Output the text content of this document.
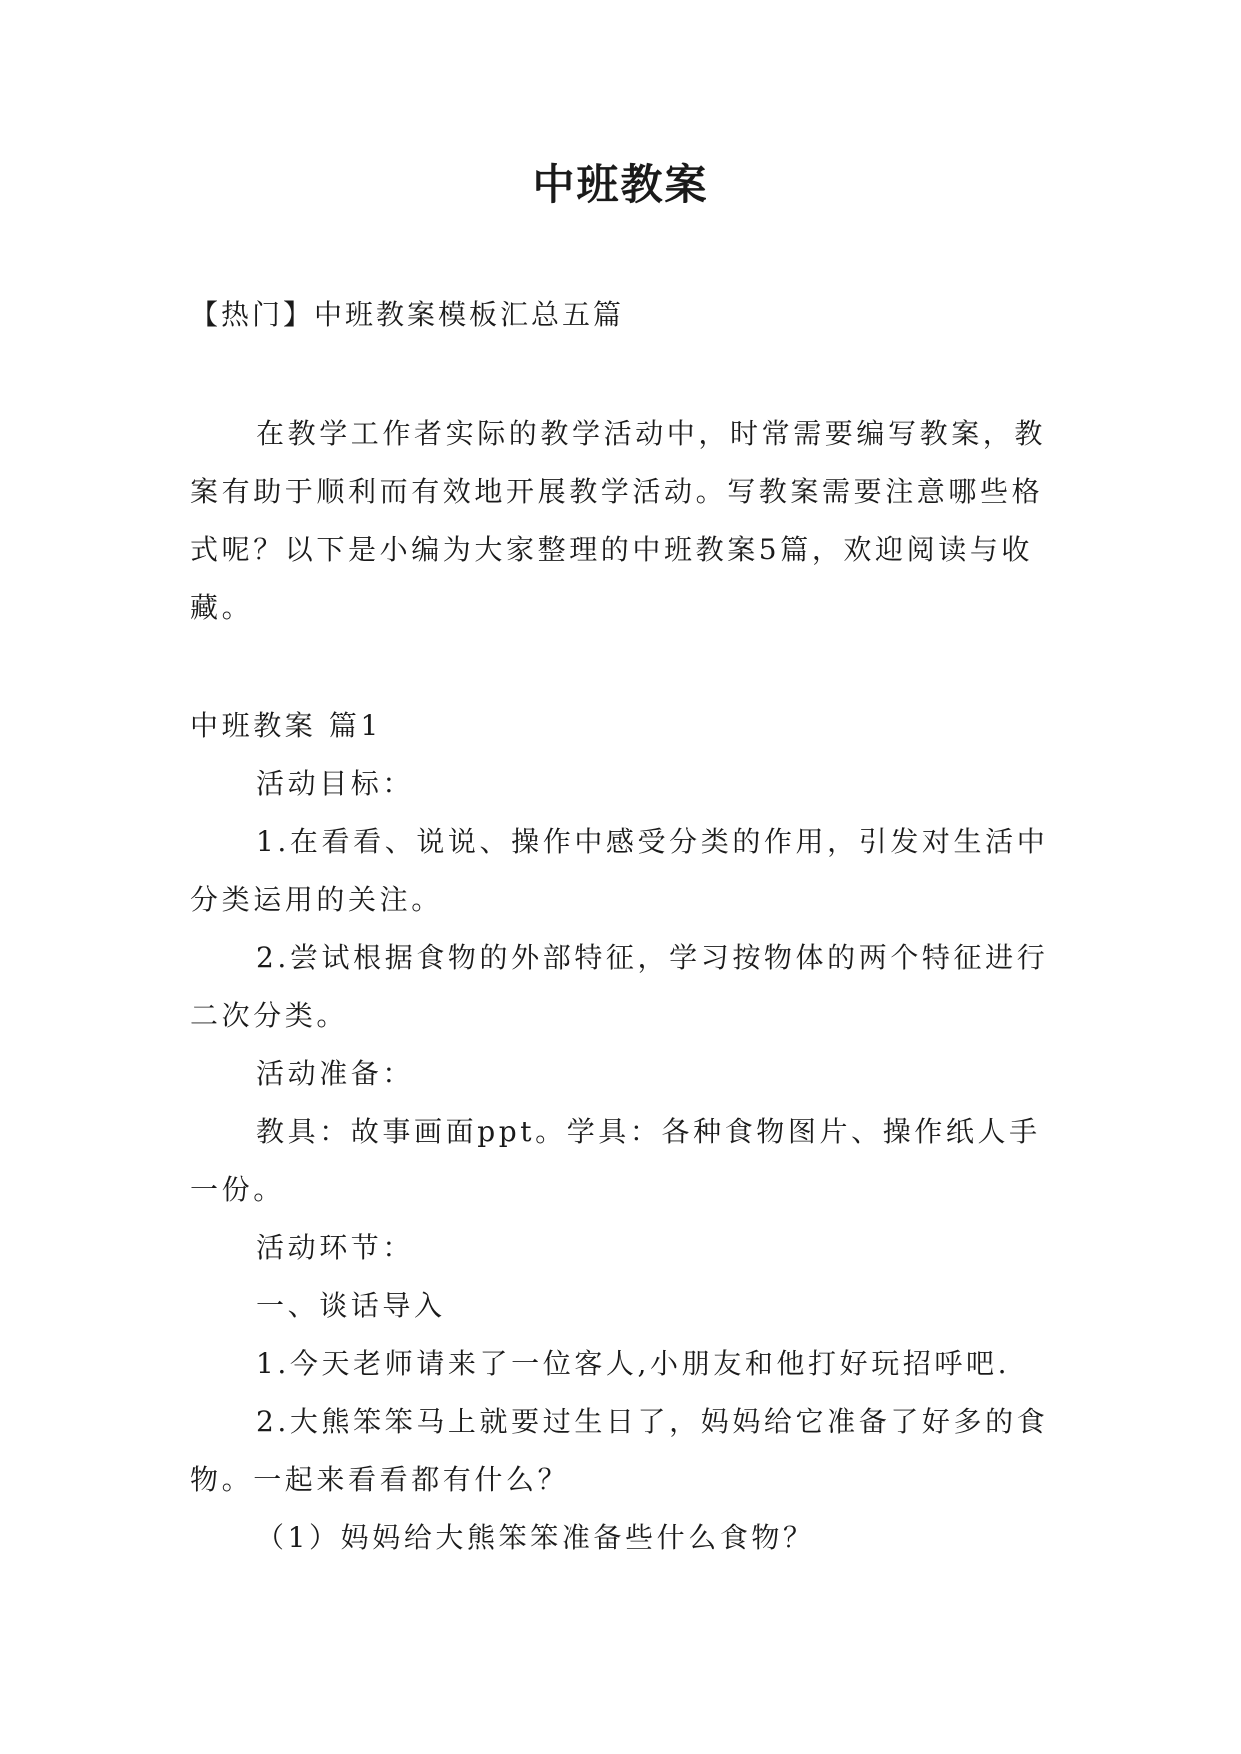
中班教案
【热门】中班教案模板汇总五篇
在教学工作者实际的教学活动中，时常需要编写教案，教案有助于顺利而有效地开展教学活动。写教案需要注意哪些格式呢？以下是小编为大家整理的中班教案5篇，欢迎阅读与收藏。

中班教案 篇1

活动目标：

1.在看看、说说、操作中感受分类的作用，引发对生活中分类运用的关注。

2.尝试根据食物的外部特征，学习按物体的两个特征进行二次分类。

活动准备：

教具：故事画面ppt。学具：各种食物图片、操作纸人手一份。

活动环节：

一、谈话导入

1.今天老师请来了一位客人,小朋友和他打好玩招呼吧.

2.大熊笨笨马上就要过生日了，妈妈给它准备了好多的食物。一起来看看都有什么？

（1）妈妈给大熊笨笨准备些什么食物？
